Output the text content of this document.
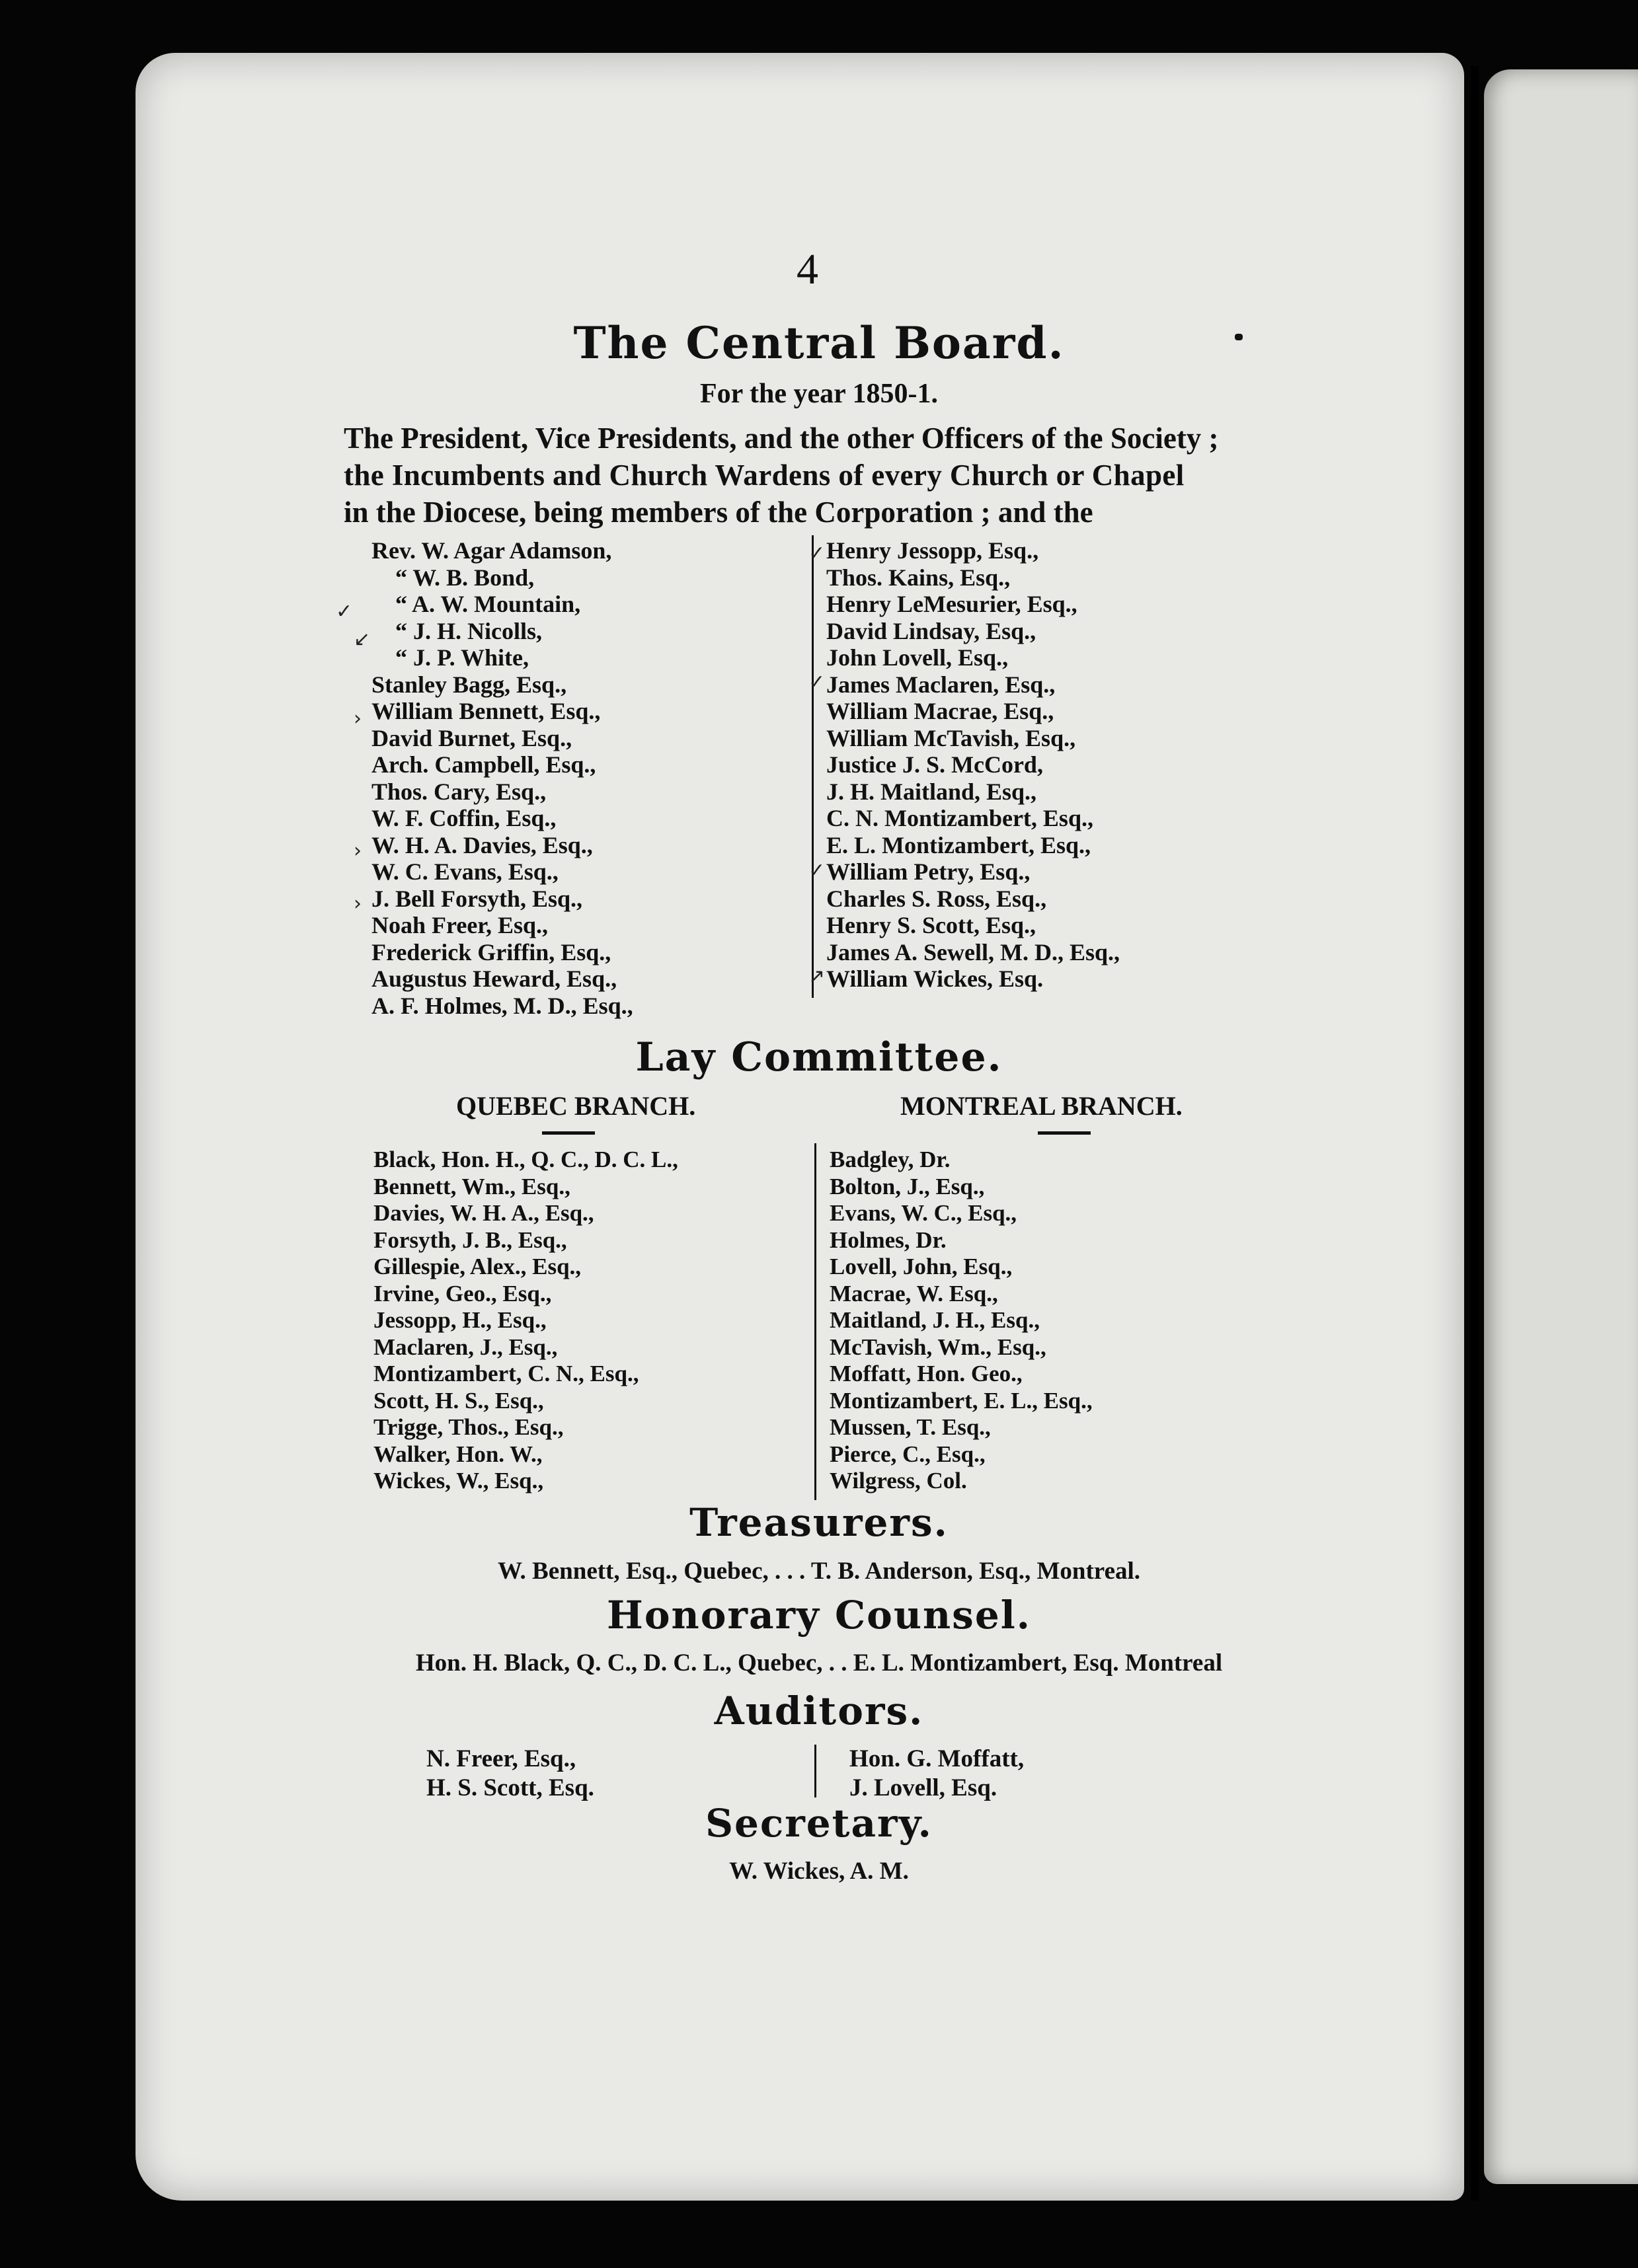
4
The Central Board.
For the year 1850-1.
The President, Vice Presidents, and the other Officers of the Society ;
the Incumbents and Church Wardens of every Church or Chapel
in the Diocese, being members of the Corporation ; and the
Rev. W. Agar Adamson,
“ W. B. Bond,
“ A. W. Mountain,
“ J. H. Nicolls,
“ J. P. White,
Stanley Bagg, Esq.,
William Bennett, Esq.,
David Burnet, Esq.,
Arch. Campbell, Esq.,
Thos. Cary, Esq.,
W. F. Coffin, Esq.,
W. H. A. Davies, Esq.,
W. C. Evans, Esq.,
J. Bell Forsyth, Esq.,
Noah Freer, Esq.,
Frederick Griffin, Esq.,
Augustus Heward, Esq.,
A. F. Holmes, M. D., Esq.,
Henry Jessopp, Esq.,
Thos. Kains, Esq.,
Henry LeMesurier, Esq.,
David Lindsay, Esq.,
John Lovell, Esq.,
James Maclaren, Esq.,
William Macrae, Esq.,
William McTavish, Esq.,
Justice J. S. McCord,
J. H. Maitland, Esq.,
C. N. Montizambert, Esq.,
E. L. Montizambert, Esq.,
William Petry, Esq.,
Charles S. Ross, Esq.,
Henry S. Scott, Esq.,
James A. Sewell, M. D., Esq.,
William Wickes, Esq.
✓
↙
›
›
›
✓
✓
✓
↗
Lay Committee.
QUEBEC BRANCH.	MONTREAL BRANCH.
Black, Hon. H., Q. C., D. C. L.,
Bennett, Wm., Esq.,
Davies, W. H. A., Esq.,
Forsyth, J. B., Esq.,
Gillespie, Alex., Esq.,
Irvine, Geo., Esq.,
Jessopp, H., Esq.,
Maclaren, J., Esq.,
Montizambert, C. N., Esq.,
Scott, H. S., Esq.,
Trigge, Thos., Esq.,
Walker, Hon. W.,
Wickes, W., Esq.,
Badgley, Dr.
Bolton, J., Esq.,
Evans, W. C., Esq.,
Holmes, Dr.
Lovell, John, Esq.,
Macrae, W. Esq.,
Maitland, J. H., Esq.,
McTavish, Wm., Esq.,
Moffatt, Hon. Geo.,
Montizambert, E. L., Esq.,
Mussen, T. Esq.,
Pierce, C., Esq.,
Wilgress, Col.
Treasurers.
W. Bennett, Esq., Quebec, . . . T. B. Anderson, Esq., Montreal.
Honorary Counsel.
Hon. H. Black, Q. C., D. C. L., Quebec, . . E. L. Montizambert, Esq. Montreal
Auditors.
N. Freer, Esq.,
H. S. Scott, Esq.
Hon. G. Moffatt,
J. Lovell, Esq.
Secretary.
W. Wickes, A. M.
